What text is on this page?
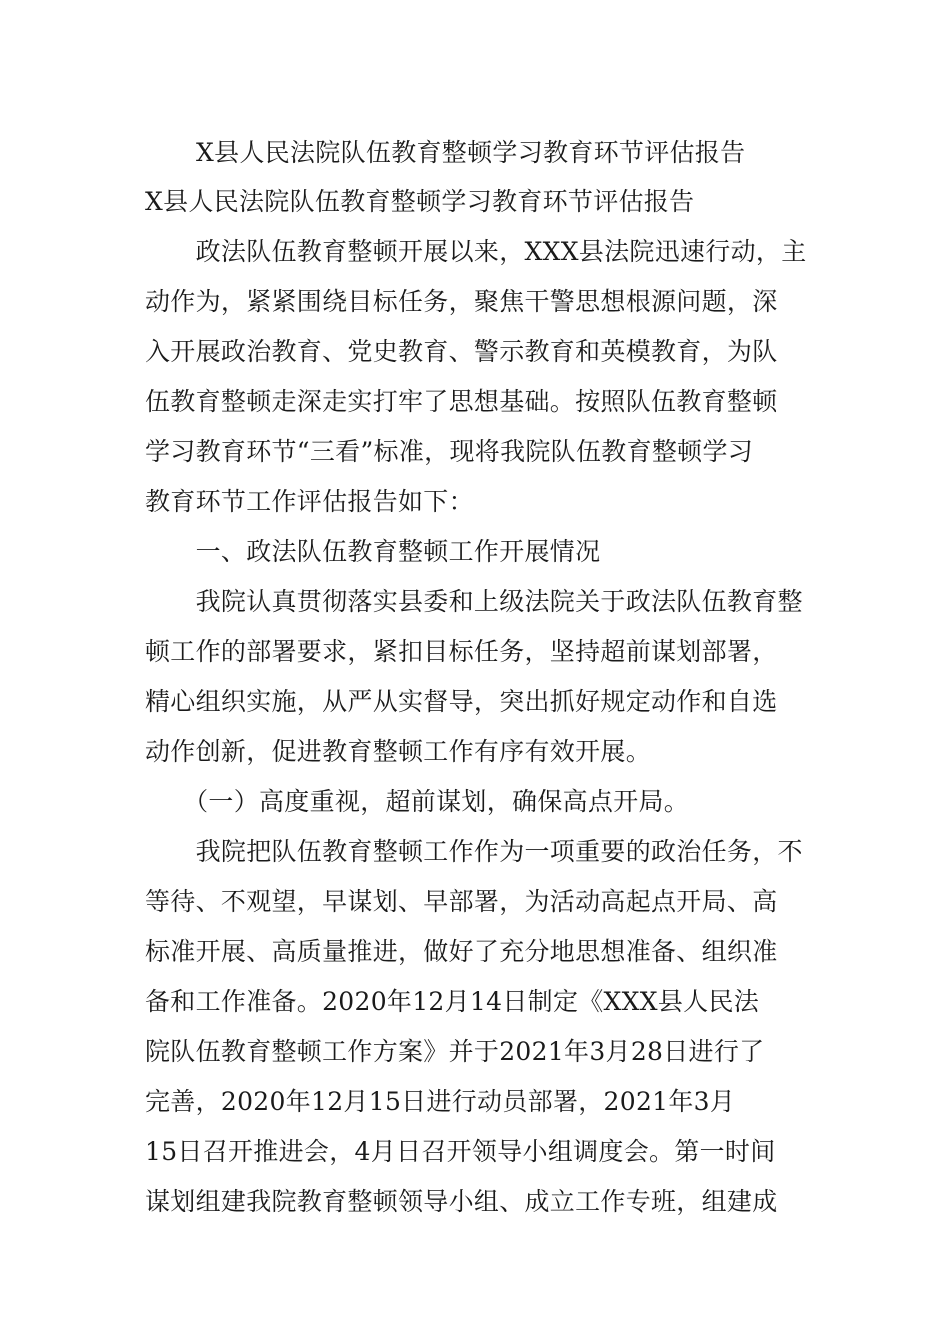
X县人民法院队伍教育整顿学习教育环节评估报告
X县人民法院队伍教育整顿学习教育环节评估报告
　　政法队伍教育整顿开展以来，XXX县法院迅速行动，主
动作为，紧紧围绕目标任务，聚焦干警思想根源问题，深
入开展政治教育、党史教育、警示教育和英模教育，为队
伍教育整顿走深走实打牢了思想基础。按照队伍教育整顿
学习教育环节“三看”标准，现将我院队伍教育整顿学习
教育环节工作评估报告如下：
　　一、政法队伍教育整顿工作开展情况
　　我院认真贯彻落实县委和上级法院关于政法队伍教育整
顿工作的部署要求，紧扣目标任务，坚持超前谋划部署，
精心组织实施，从严从实督导，突出抓好规定动作和自选
动作创新，促进教育整顿工作有序有效开展。
　　（一）高度重视，超前谋划，确保高点开局。
　　我院把队伍教育整顿工作作为一项重要的政治任务，不
等待、不观望，早谋划、早部署，为活动高起点开局、高
标准开展、高质量推进，做好了充分地思想准备、组织准
备和工作准备。2020年12月14日制定《XXX县人民法
院队伍教育整顿工作方案》并于2021年3月28日进行了
完善，2020年12月15日进行动员部署，2021年3月
15日召开推进会，4月日召开领导小组调度会。第一时间
谋划组建我院教育整顿领导小组、成立工作专班，组建成
